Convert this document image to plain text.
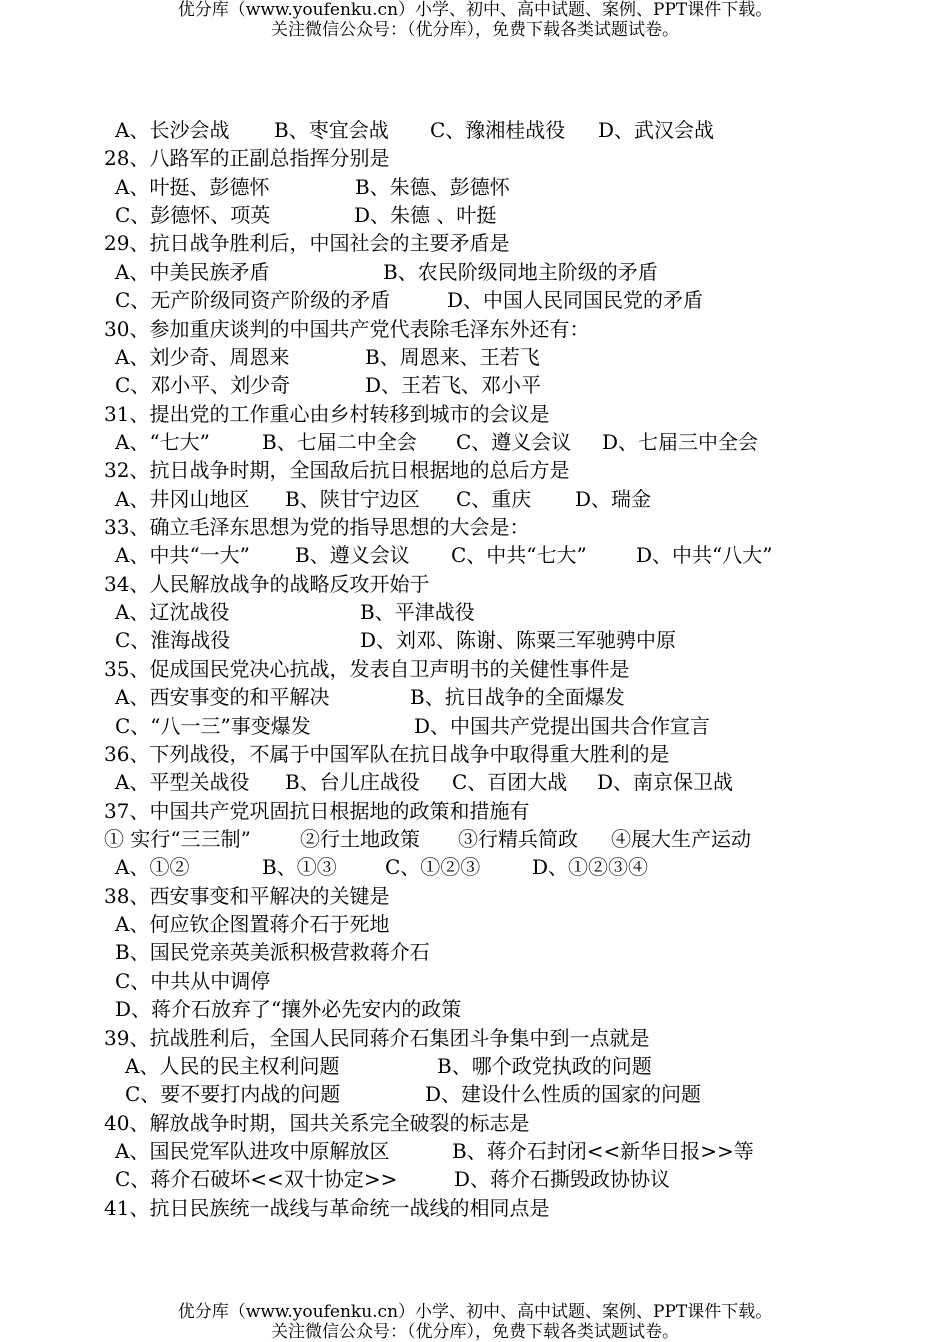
优分库（www.youfenku.cn）小学、初中、高中试题、案例、PPT课件下载。
关注微信公众号：（优分库），免费下载各类试题试卷。
A、长沙会战 B、枣宜会战 C、豫湘桂战役 D、武汉会战
28、八路军的正副总指挥分别是
A、叶挺、彭德怀	B、朱德、彭德怀
C、彭德怀、项英	D、朱德 、叶挺
29、抗日战争胜利后，中国社会的主要矛盾是
A、中美民族矛盾	B、农民阶级同地主阶级的矛盾
C、无产阶级同资产阶级的矛盾	D、中国人民同国民党的矛盾
30、参加重庆谈判的中国共产党代表除毛泽东外还有：
A、刘少奇、周恩来	B、周恩来、王若飞
C、邓小平、刘少奇	D、王若飞、邓小平
31、提出党的工作重心由乡村转移到城市的会议是
A、“七大”	B、七届二中全会 C、遵义会议 D、七届三中全会
32、抗日战争时期，全国敌后抗日根据地的总后方是
A、井冈山地区 B、陕甘宁边区 C、重庆 D、瑞金
33、确立毛泽东思想为党的指导思想的大会是：
A、中共“一大” B、遵义会议 C、中共“七大” D、中共“八大”
34、人民解放战争的战略反攻开始于
A、辽沈战役	B、平津战役
C、淮海战役	D、刘邓、陈谢、陈粟三军驰骋中原
35、促成国民党决心抗战，发表自卫声明书的关健性事件是
A、西安事变的和平解决	B、抗日战争的全面爆发
C、“八一三”事变爆发	D、中国共产党提出国共合作宣言
36、下列战役，不属于中国军队在抗日战争中取得重大胜利的是
A、平型关战役 B、台儿庄战役 C、百团大战 D、南京保卫战
37、中国共产党巩固抗日根据地的政策和措施有
① 实行“三三制” ②行土地政策 ③行精兵简政 ④展大生产运动
A、①②	B、①③ C、①②③	D、①②③④
38、西安事变和平解决的关键是
A、何应钦企图置蒋介石于死地
B、国民党亲英美派积极营救蒋介石
C、中共从中调停
D、蒋介石放弃了“攘外必先安内的政策
39、抗战胜利后，全国人民同蒋介石集团斗争集中到一点就是
A、人民的民主权利问题	B、哪个政党执政的问题
C、要不要打内战的问题	D、建设什么性质的国家的问题
40、解放战争时期，国共关系完全破裂的标志是
A、国民党军队进攻中原解放区	B、蒋介石封闭<<新华日报>>等
C、蒋介石破坏<<双十协定>>	D、蒋介石撕毁政协协议
41、抗日民族统一战线与革命统一战线的相同点是
优分库（www.youfenku.cn）小学、初中、高中试题、案例、PPT课件下载。
关注微信公众号：（优分库），免费下载各类试题试卷。
